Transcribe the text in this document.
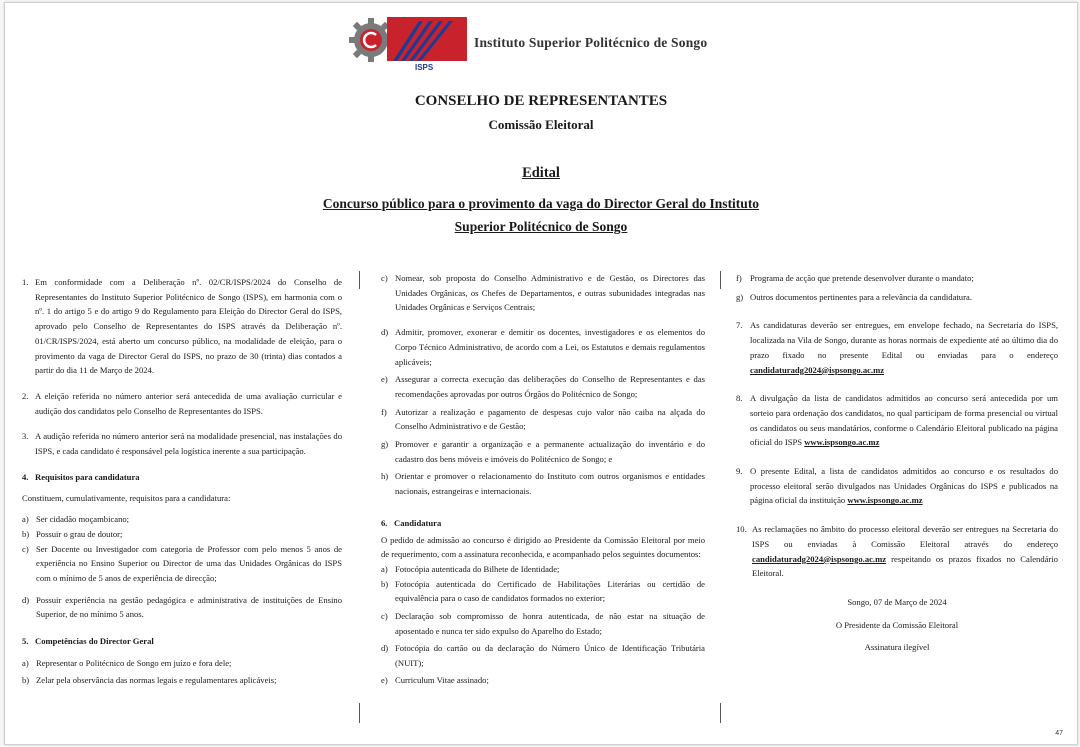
ISPS
Instituto Superior Politécnico de Songo
CONSELHO DE REPRESENTANTES
Comissão Eleitoral
Edital
Concurso público para o provimento da vaga do Director Geral do Instituto
Superior Politécnico de Songo
1. Em conformidade com a Deliberação nº. 02/CR/ISPS/2024 do Conselho de Representantes do Instituto Superior Politécnico de Songo (ISPS), em harmonia com o nº. 1 do artigo 5 e do artigo 9 do Regulamento para Eleição do Director Geral do ISPS, aprovado pelo Conselho de Representantes do ISPS através da Deliberação nº. 01/CR/ISPS/2024, está aberto um concurso público, na modalidade de eleição, para o provimento da vaga de Director Geral do ISPS, no prazo de 30 (trinta) dias contados a partir do dia 11 de Março de 2024.
2. A eleição referida no número anterior será antecedida de uma avaliação curricular e audição dos candidatos pelo Conselho de Representantes do ISPS.
3. A audição referida no número anterior será na modalidade presencial, nas instalações do ISPS, e cada candidato é responsável pela logística inerente a sua participação.
4. Requisitos para candidatura
Constituem, cumulativamente, requisitos para a candidatura:
a) Ser cidadão moçambicano;
b) Possuir o grau de doutor;
c) Ser Docente ou Investigador com categoria de Professor com pelo menos 5 anos de experiência no Ensino Superior ou Director de uma das Unidades Orgânicas do ISPS com o mínimo de 5 anos de experiência de direcção;
d) Possuir experiência na gestão pedagógica e administrativa de instituições de Ensino Superior, de no mínimo 5 anos.
5. Competências do Director Geral
a) Representar o Politécnico de Songo em juízo e fora dele;
b) Zelar pela observância das normas legais e regulamentares aplicáveis;
c) Nomear, sob proposta do Conselho Administrativo e de Gestão, os Directores das Unidades Orgânicas, os Chefes de Departamentos, e outras subunidades integradas nas Unidades Orgânicas e Serviços Centrais;
d) Admitir, promover, exonerar e demitir os docentes, investigadores e os elementos do Corpo Técnico Administrativo, de acordo com a Lei, os Estatutos e demais regulamentos aplicáveis;
e) Assegurar a correcta execução das deliberações do Conselho de Representantes e das recomendações aprovadas por outros Órgãos do Politécnico de Songo;
f) Autorizar a realização e pagamento de despesas cujo valor não caiba na alçada do Conselho Administrativo e de Gestão;
g) Promover e garantir a organização e a permanente actualização do inventário e do cadastro dos bens móveis e imóveis do Politécnico de Songo; e
h) Orientar e promover o relacionamento do Instituto com outros organismos e entidades nacionais, estrangeiras e internacionais.
6. Candidatura
O pedido de admissão ao concurso é dirigido ao Presidente da Comissão Eleitoral por meio de requerimento, com a assinatura reconhecida, e acompanhado pelos seguintes documentos:
a) Fotocópia autenticada do Bilhete de Identidade;
b) Fotocópia autenticada do Certificado de Habilitações Literárias ou certidão de equivalência para o caso de candidatos formados no exterior;
c) Declaração sob compromisso de honra autenticada, de não estar na situação de aposentado e nunca ter sido expulso do Aparelho do Estado;
d) Fotocópia do cartão ou da declaração do Número Único de Identificação Tributária (NUIT);
e) Curriculum Vitae assinado;
f) Programa de acção que pretende desenvolver durante o mandato;
g) Outros documentos pertinentes para a relevância da candidatura.
7. As candidaturas deverão ser entregues, em envelope fechado, na Secretaria do ISPS, localizada na Vila de Songo, durante as horas normais de expediente até ao último dia do prazo fixado no presente Edital ou enviadas para o endereço candidaturadg2024@ispsongo.ac.mz
8. A divulgação da lista de candidatos admitidos ao concurso será antecedida por um sorteio para ordenação dos candidatos, no qual participam de forma presencial ou virtual os candidatos ou seus mandatários, conforme o Calendário Eleitoral publicado na página oficial do ISPS www.ispsongo.ac.mz
9. O presente Edital, a lista de candidatos admitidos ao concurso e os resultados do processo eleitoral serão divulgados nas Unidades Orgânicas do ISPS e publicados na página oficial da instituição www.ispsongo.ac.mz
10. As reclamações no âmbito do processo eleitoral deverão ser entregues na Secretaria do ISPS ou enviadas à Comissão Eleitoral através do endereço candidaturadg2024@ispsongo.ac.mz respeitando os prazos fixados no Calendário Eleitoral.

Songo, 07 de Março de 2024

O Presidente da Comissão Eleitoral

Assinatura ilegível

47
